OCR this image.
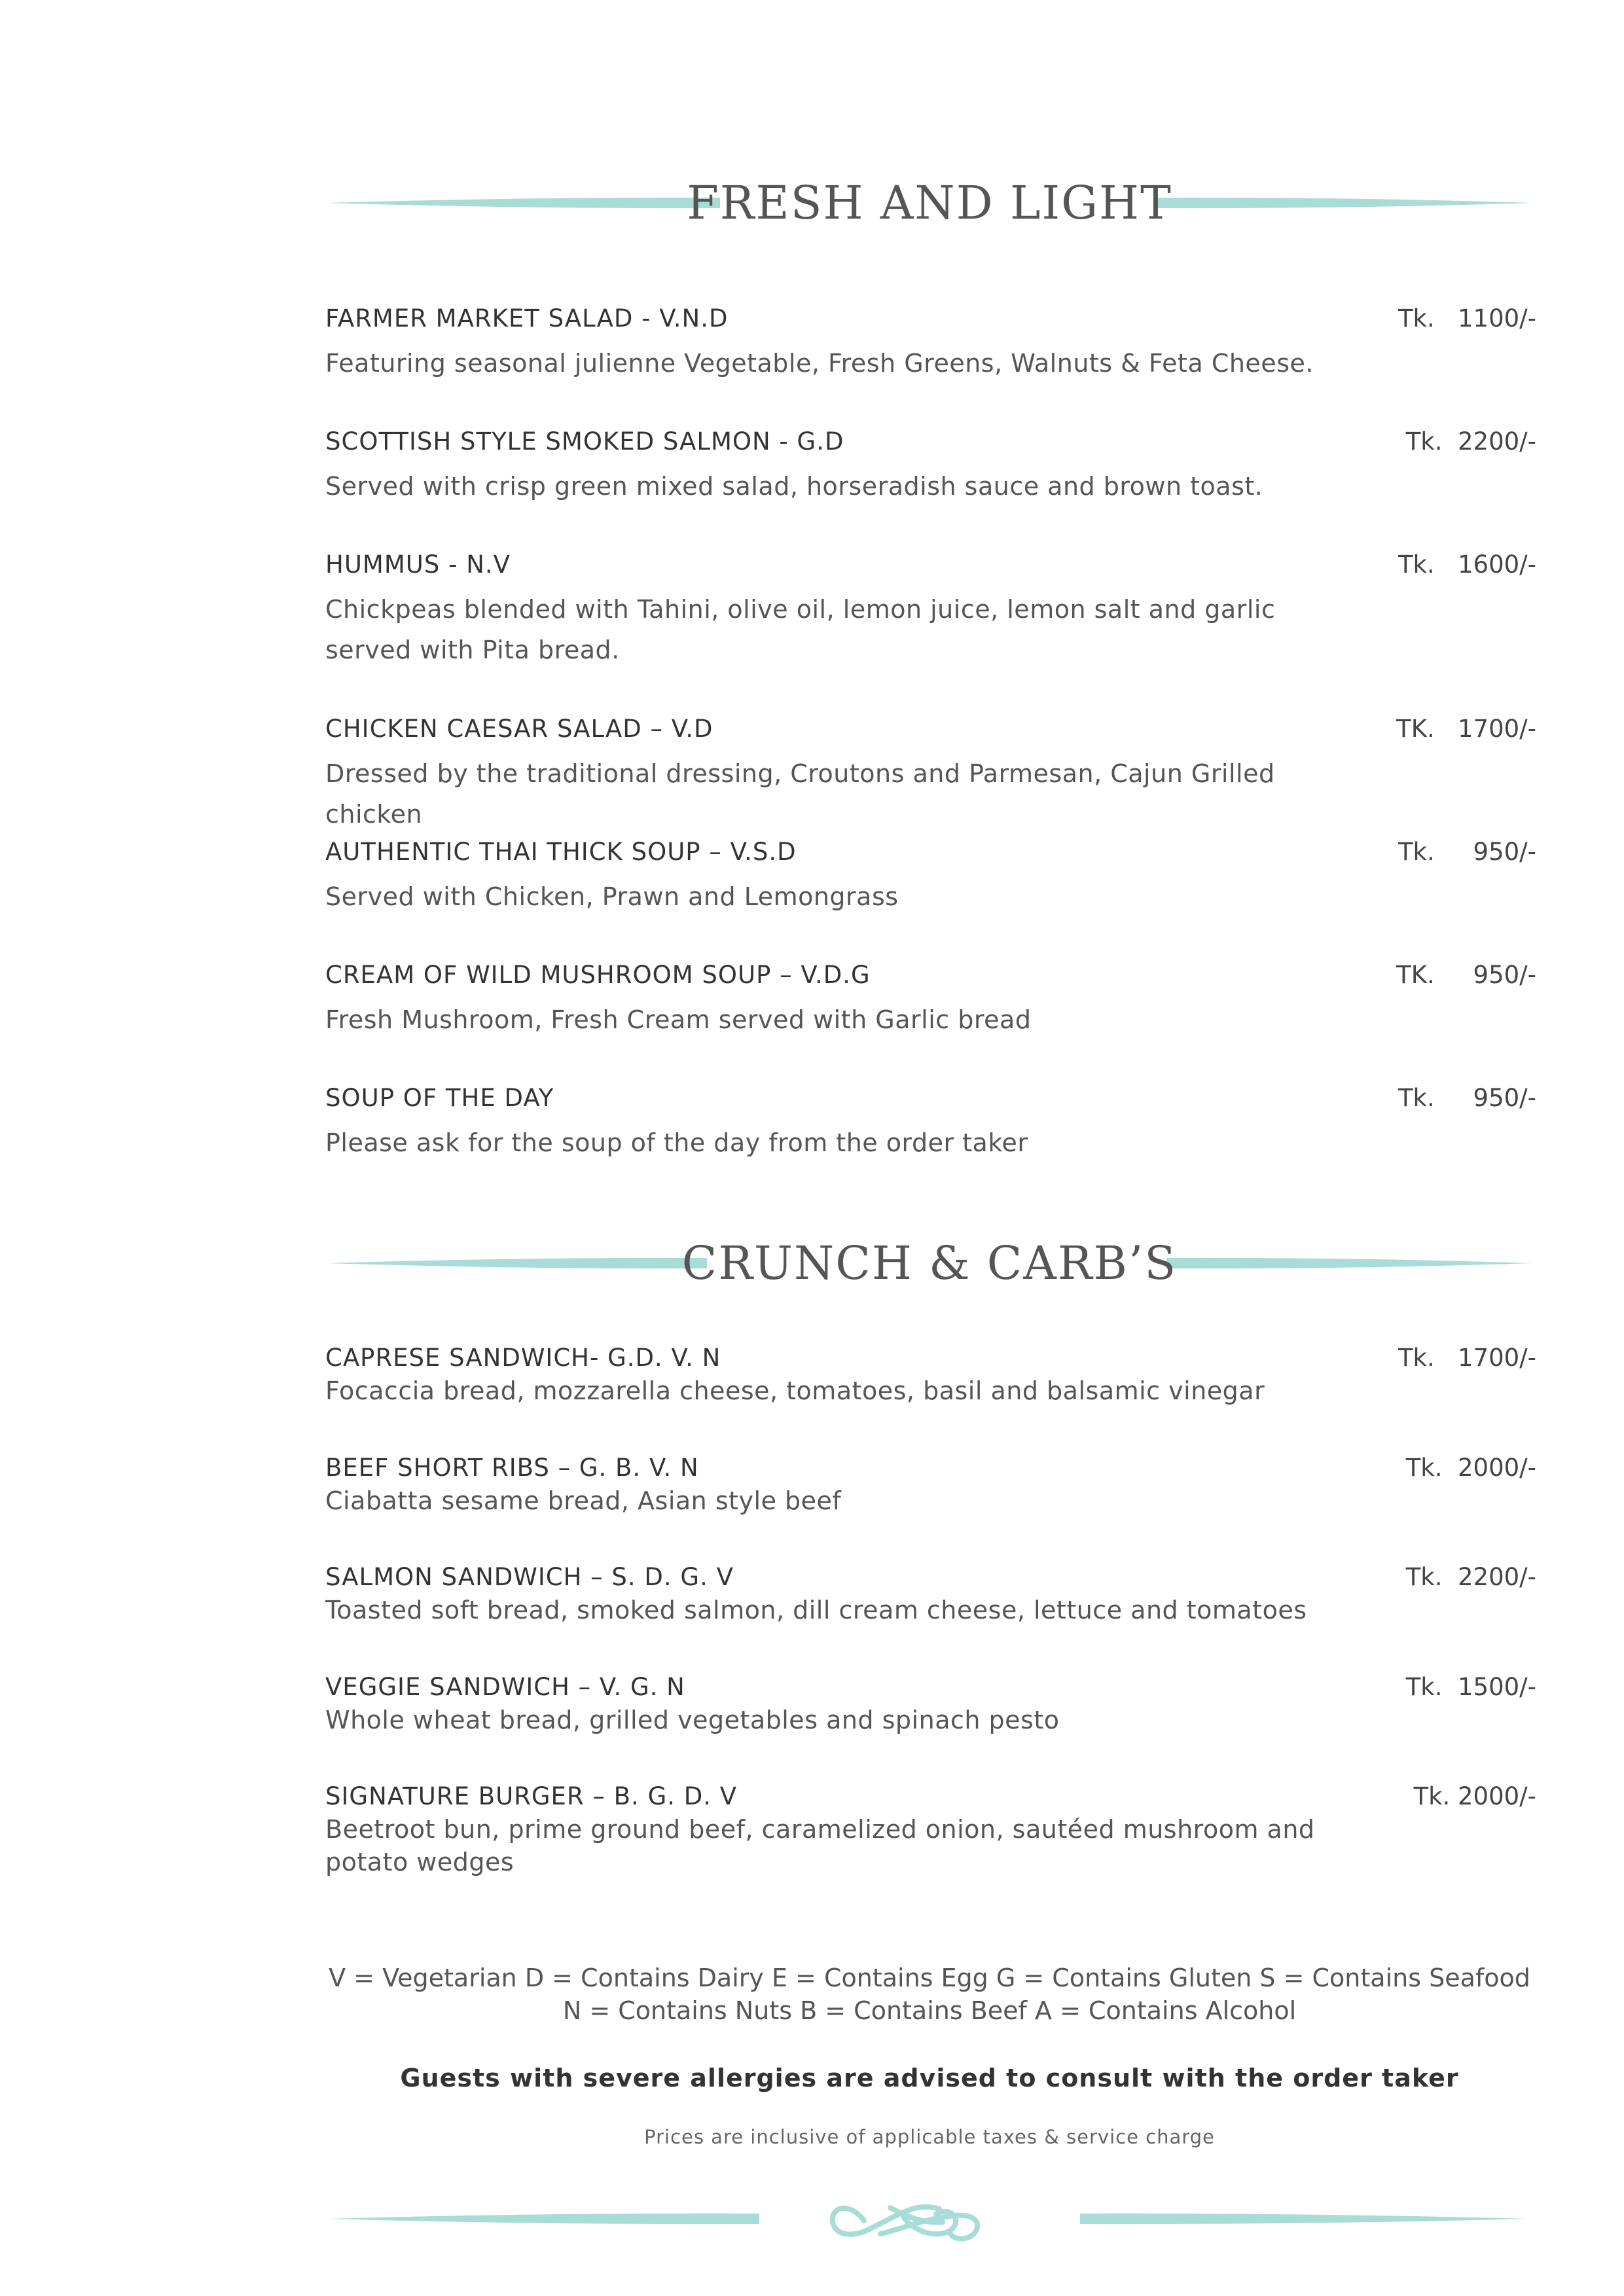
FRESH AND LIGHT
FARMER MARKET SALAD - V.N.D	Tk.   1100/-
Featuring seasonal julienne Vegetable, Fresh Greens, Walnuts & Feta Cheese.
SCOTTISH STYLE SMOKED SALMON - G.D	Tk.  2200/-
Served with crisp green mixed salad, horseradish sauce and brown toast.
HUMMUS - N.V	Tk.   1600/-
Chickpeas blended with Tahini, olive oil, lemon juice, lemon salt and garlic served with Pita bread.
CHICKEN CAESAR SALAD – V.D	TK.   1700/-
Dressed by the traditional dressing, Croutons and Parmesan, Cajun Grilled chicken
AUTHENTIC THAI THICK SOUP – V.S.D	Tk.     950/-
Served with Chicken, Prawn and Lemongrass
CREAM OF WILD MUSHROOM SOUP – V.D.G	TK.     950/-
Fresh Mushroom, Fresh Cream served with Garlic bread
SOUP OF THE DAY	Tk.     950/-
Please ask for the soup of the day from the order taker
CRUNCH & CARB’S
CAPRESE SANDWICH- G.D. V. N	Tk.   1700/-
Focaccia bread, mozzarella cheese, tomatoes, basil and balsamic vinegar
BEEF SHORT RIBS – G. B. V. N	Tk.  2000/-
Ciabatta sesame bread, Asian style beef
SALMON SANDWICH – S. D. G. V	Tk.  2200/-
Toasted soft bread, smoked salmon, dill cream cheese, lettuce and tomatoes
VEGGIE SANDWICH – V. G. N	Tk.  1500/-
Whole wheat bread, grilled vegetables and spinach pesto
SIGNATURE BURGER – B. G. D. V	Tk. 2000/-
Beetroot bun, prime ground beef, caramelized onion, sautéed mushroom and potato wedges
V = Vegetarian D = Contains Dairy E = Contains Egg G = Contains Gluten S = Contains Seafood
N = Contains Nuts B = Contains Beef A = Contains Alcohol
Guests with severe allergies are advised to consult with the order taker
Prices are inclusive of applicable taxes & service charge
